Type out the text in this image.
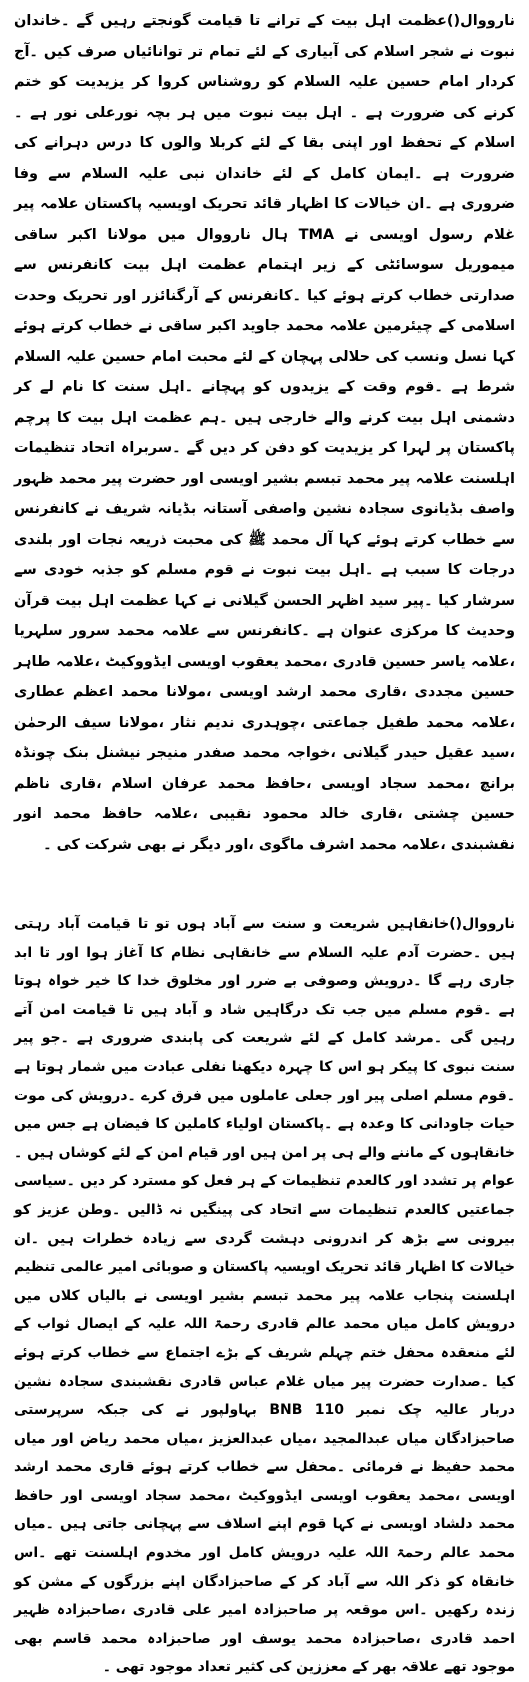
نارووال()عظمت اہل بیت کے ترانے تا قیامت گونجتے رہیں گے ۔خاندان نبوت نے شجر اسلام کی آبیاری کے لئے تمام تر توانائیاں صرف کیں ۔آج کردار امام حسین علیہ السلام کو روشناس کروا کر یزیدیت کو ختم کرنے کی ضرورت ہے ۔ اہل بیت نبوت میں ہر بچہ نورعلی نور ہے ۔اسلام کے تحفظ اور اپنی بقا کے لئے کربلا والوں کا درس دہرانے کی ضرورت ہے ۔ایمان کامل کے لئے خاندان نبی علیہ السلام سے وفا ضروری ہے ۔ان خیالات کا اظہار قائد تحریک اویسیہ پاکستان علامہ پیر غلام رسول اویسی نے TMA ہال نارووال میں مولانا اکبر ساقی میموریل سوسائٹی کے زیر اہتمام عظمت اہل بیت کانفرنس سے صدارتی خطاب کرتے ہوئے کیا ۔کانفرنس کے آرگنائزر اور تحریک وحدت اسلامی کے چیئرمین علامہ محمد جاوید اکبر ساقی نے خطاب کرتے ہوئے کہا نسل ونسب کی حلالی پہچان کے لئے محبت امام حسین علیہ السلام شرط ہے ۔قوم وقت کے یزیدوں کو پہچانے ۔اہل سنت کا نام لے کر دشمنی اہل بیت کرنے والے خارجی ہیں ۔ہم عظمت اہل بیت کا پرچم پاکستان پر لہرا کر یزیدیت کو دفن کر دیں گے ۔سربراہ اتحاد تنظیمات اہلسنت علامہ پیر محمد تبسم بشیر اویسی اور حضرت پیر محمد ظہور واصف بڈیانوی سجادہ نشین واصفی آستانہ بڈیانہ شریف نے کانفرنس سے خطاب کرتے ہوئے کہا آل محمد ﷺ کی محبت ذریعہ نجات اور بلندی درجات کا سبب ہے ۔اہل بیت نبوت نے قوم مسلم کو جذبہ خودی سے سرشار کیا ۔پیر سید اظہر الحسن گیلانی نے کہا عظمت اہل بیت قرآن وحدیث کا مرکزی عنوان ہے ۔کانفرنس سے علامہ محمد سرور سلہریا ،علامہ یاسر حسین قادری ،محمد یعقوب اویسی ایڈووکیٹ ،علامہ طاہر حسین مجددی ،قاری محمد ارشد اویسی ،مولانا محمد اعظم عطاری ،علامہ محمد طفیل جماعتی ،چوہدری ندیم نثار ،مولانا سیف الرحمٰن ،سید عقیل حیدر گیلانی ،خواجہ محمد صفدر منیجر نیشنل بنک چونڈہ برانچ ،محمد سجاد اویسی ،حافظ محمد عرفان اسلام ،قاری ناظم حسین چشتی ،قاری خالد محمود نقیبی ،علامہ حافظ محمد انور نقشبندی ،علامہ محمد اشرف ماگوی ،اور دیگر نے بھی شرکت کی ۔

نارووال()خانقاہیں شریعت و سنت سے آباد ہوں تو تا قیامت آباد رہتی ہیں ۔حضرت آدم علیہ السلام سے خانقاہی نظام کا آغاز ہوا اور تا ابد جاری رہے گا ۔درویش وصوفی بے ضرر اور مخلوق خدا کا خیر خواہ ہوتا ہے ۔قوم مسلم میں جب تک درگاہیں شاد و آباد ہیں تا قیامت امن آتے رہیں گی ۔مرشد کامل کے لئے شریعت کی پابندی ضروری ہے ۔جو پیر سنت نبوی کا پیکر ہو اس کا چہرہ دیکھنا نفلی عبادت میں شمار ہوتا ہے ۔قوم مسلم اصلی پیر اور جعلی عاملوں میں فرق کرے ۔درویش کی موت حیات جاودانی کا وعدہ ہے ۔پاکستان اولیاء کاملین کا فیضان ہے جس میں خانقاہوں کے ماننے والے ہی پر امن ہیں اور قیام امن کے لئے کوشاں ہیں ۔عوام پر تشدد اور کالعدم تنظیمات کے ہر فعل کو مسترد کر دیں ۔سیاسی جماعتیں کالعدم تنظیمات سے اتحاد کی پینگیں نہ ڈالیں ۔وطن عزیز کو بیرونی سے بڑھ کر اندرونی دہشت گردی سے زیادہ خطرات ہیں ۔ان خیالات کا اظہار قائد تحریک اویسیہ پاکستان و صوبائی امیر عالمی تنظیم اہلسنت پنجاب علامہ پیر محمد تبسم بشیر اویسی نے بالیاں کلاں میں درویش کامل میاں محمد عالم قادری رحمۃ اللہ علیہ کے ایصال ثواب کے لئے منعقدہ محفل ختم چہلم شریف کے بڑے اجتماع سے خطاب کرتے ہوئے کیا ۔صدارت حضرت پیر میاں غلام عباس قادری نقشبندی سجادہ نشین دربار عالیہ چک نمبر 110 BNB بہاولپور نے کی جبکہ سرپرستی صاحبزادگان میاں عبدالمجید ،میاں عبدالعزیز ،میاں محمد ریاض اور میاں محمد حفیظ نے فرمائی ۔محفل سے خطاب کرتے ہوئے قاری محمد ارشد اویسی ،محمد یعقوب اویسی ایڈووکیٹ ،محمد سجاد اویسی اور حافظ محمد دلشاد اویسی نے کہا قوم اپنے اسلاف سے پہچانی جاتی ہیں ۔میاں محمد عالم رحمۃ اللہ علیہ درویش کامل اور مخدوم اہلسنت تھے ۔اس خانقاہ کو ذکر اللہ سے آباد کر کے صاحبزادگان اپنے بزرگوں کے مشن کو زندہ رکھیں ۔اس موقعہ پر صاحبزادہ امیر علی قادری ،صاحبزادہ ظہیر احمد قادری ،صاحبزادہ محمد یوسف اور صاحبزادہ محمد قاسم بھی موجود تھے علاقہ بھر کے معززین کی کثیر تعداد موجود تھی ۔
